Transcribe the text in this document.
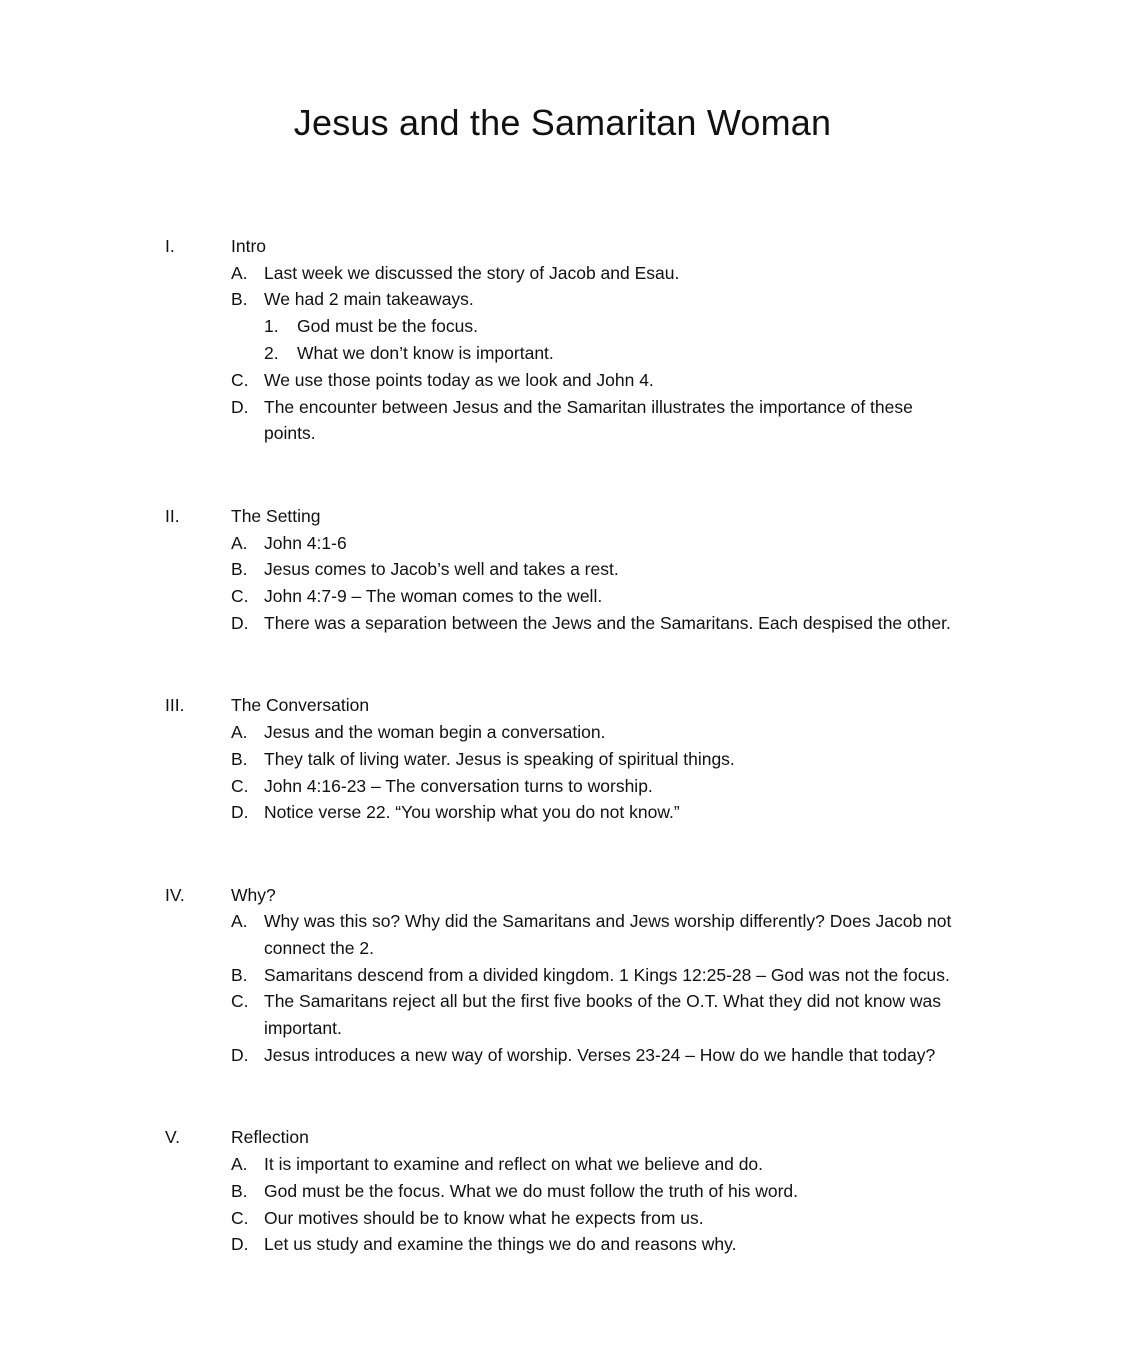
Jesus and the Samaritan Woman
I.	Intro
A. Last week we discussed the story of Jacob and Esau.
B. We had 2 main takeaways.
1. God must be the focus.
2. What we don’t know is important.
C. We use those points today as we look and John 4.
D. The encounter between Jesus and the Samaritan illustrates the importance of these
points.
II.	The Setting
A. John 4:1-6
B. Jesus comes to Jacob’s well and takes a rest.
C. John 4:7-9 – The woman comes to the well.
D. There was a separation between the Jews and the Samaritans. Each despised the other.
III.	The Conversation
A. Jesus and the woman begin a conversation.
B. They talk of living water. Jesus is speaking of spiritual things.
C. John 4:16-23 – The conversation turns to worship.
D. Notice verse 22. “You worship what you do not know.”
IV.	Why?
A. Why was this so? Why did the Samaritans and Jews worship differently? Does Jacob not
connect the 2.
B. Samaritans descend from a divided kingdom. 1 Kings 12:25-28 – God was not the focus.
C. The Samaritans reject all but the first five books of the O.T. What they did not know was
important.
D. Jesus introduces a new way of worship. Verses 23-24 – How do we handle that today?
V.	Reflection
A. It is important to examine and reflect on what we believe and do.
B. God must be the focus. What we do must follow the truth of his word.
C. Our motives should be to know what he expects from us.
D. Let us study and examine the things we do and reasons why.
